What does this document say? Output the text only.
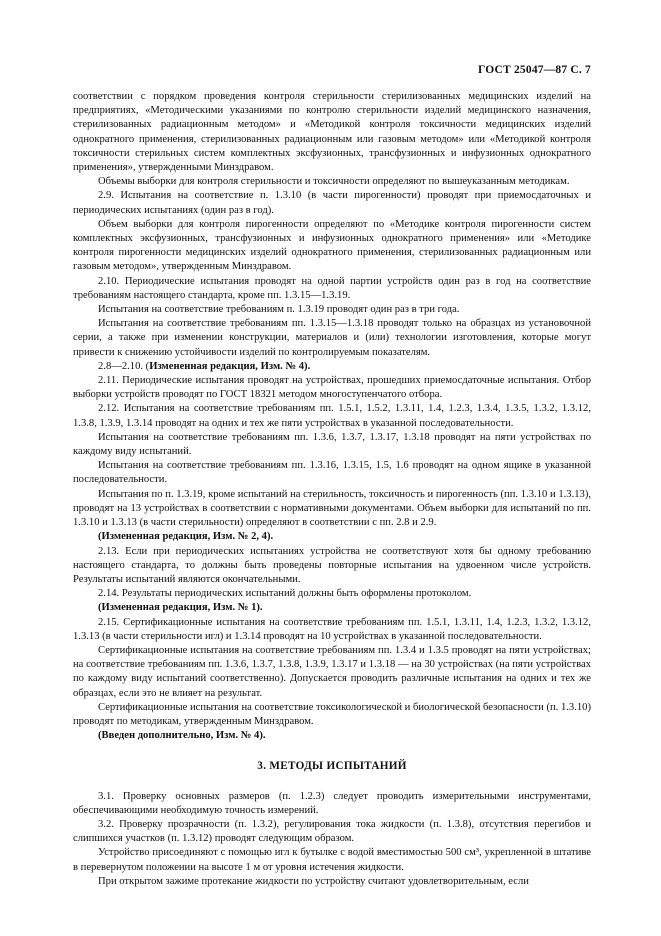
ГОСТ 25047—87 С. 7

соответствии с порядком проведения контроля стерильности стерилизованных медицинских изделий на предприятиях, «Методическими указаниями по контролю стерильности изделий медицинского назначения, стерилизованных радиационным методом» и «Методикой контроля токсичности медицинских изделий однократного применения, стерилизованных радиационным или газовым методом» или «Методикой контроля токсичности стерильных систем комплектных эксфузионных, трансфузионных и инфузионных однократного применения», утвержденными Минздравом.

Объемы выборки для контроля стерильности и токсичности определяют по вышеуказанным методикам.

2.9. Испытания на соответствие п. 1.3.10 (в части пирогенности) проводят при приемосдаточных и периодических испытаниях (один раз в год).

Объем выборки для контроля пирогенности определяют по «Методике контроля пирогенности систем комплектных эксфузионных, трансфузионных и инфузионных однократного применения» или «Методике контроля пирогенности медицинских изделий однократного применения, стерилизованных радиационным или газовым методом», утвержденным Минздравом.

2.10. Периодические испытания проводят на одной партии устройств один раз в год на соответствие требованиям настоящего стандарта, кроме пп. 1.3.15—1.3.19.

Испытания на соответствие требованиям п. 1.3.19 проводят один раз в три года.

Испытания на соответствие требованиям пп. 1.3.15—1.3.18 проводят только на образцах из установочной серии, а также при изменении конструкции, материалов и (или) технологии изготовления, которые могут привести к снижению устойчивости изделий по контролируемым показателям.

2.8—2.10. (Измененная редакция, Изм. № 4).

2.11. Периодические испытания проводят на устройствах, прошедших приемосдаточные испытания. Отбор выборки устройств проводят по ГОСТ 18321 методом многоступенчатого отбора.

2.12. Испытания на соответствие требованиям пп. 1.5.1, 1.5.2, 1.3.11, 1.4, 1.2.3, 1.3.4, 1.3.5, 1.3.2, 1.3.12, 1.3.8, 1.3.9, 1.3.14 проводят на одних и тех же пяти устройствах в указанной последовательности.

Испытания на соответствие требованиям пп. 1.3.6, 1.3.7, 1.3.17, 1.3.18 проводят на пяти устройствах по каждому виду испытаний.

Испытания на соответствие требованиям пп. 1.3.16, 1.3.15, 1.5, 1.6 проводят на одном ящике в указанной последовательности.

Испытания по п. 1.3.19, кроме испытаний на стерильность, токсичность и пирогенность (пп. 1.3.10 и 1.3.13), проводят на 13 устройствах в соответствии с нормативными документами. Объем выборки для испытаний по пп. 1.3.10 и 1.3.13 (в части стерильности) определяют в соответствии с пп. 2.8 и 2.9.

(Измененная редакция, Изм. № 2, 4).

2.13. Если при периодических испытаниях устройства не соответствуют хотя бы одному требованию настоящего стандарта, то должны быть проведены повторные испытания на удвоенном числе устройств. Результаты испытаний являются окончательными.

2.14. Результаты периодических испытаний должны быть оформлены протоколом.

(Измененная редакция, Изм. № 1).

2.15. Сертификационные испытания на соответствие требованиям пп. 1.5.1, 1.3.11, 1.4, 1.2.3, 1.3.2, 1.3.12, 1.3.13 (в части стерильности игл) и 1.3.14 проводят на 10 устройствах в указанной последовательности.

Сертификационные испытания на соответствие требованиям пп. 1.3.4 и 1.3.5 проводят на пяти устройствах; на соответствие требованиям пп. 1.3.6, 1.3.7, 1.3.8, 1.3.9, 1.3.17 и 1.3.18 — на 30 устройствах (на пяти устройствах по каждому виду испытаний соответственно). Допускается проводить различные испытания на одних и тех же образцах, если это не влияет на результат.

Сертификационные испытания на соответствие токсикологической и биологической безопасности (п. 1.3.10) проводят по методикам, утвержденным Минздравом.

(Введен дополнительно, Изм. № 4).

3. МЕТОДЫ ИСПЫТАНИЙ

3.1. Проверку основных размеров (п. 1.2.3) следует проводить измерительными инструментами, обеспечивающими необходимую точность измерений.

3.2. Проверку прозрачности (п. 1.3.2), регулирования тока жидкости (п. 1.3.8), отсутствия перегибов и слипшихся участков (п. 1.3.12) проводят следующим образом.

Устройство присоединяют с помощью игл к бутылке с водой вместимостью 500 см³, укрепленной в штативе в перевернутом положении на высоте 1 м от уровня истечения жидкости.

При открытом зажиме протекание жидкости по устройству считают удовлетворительным, если
